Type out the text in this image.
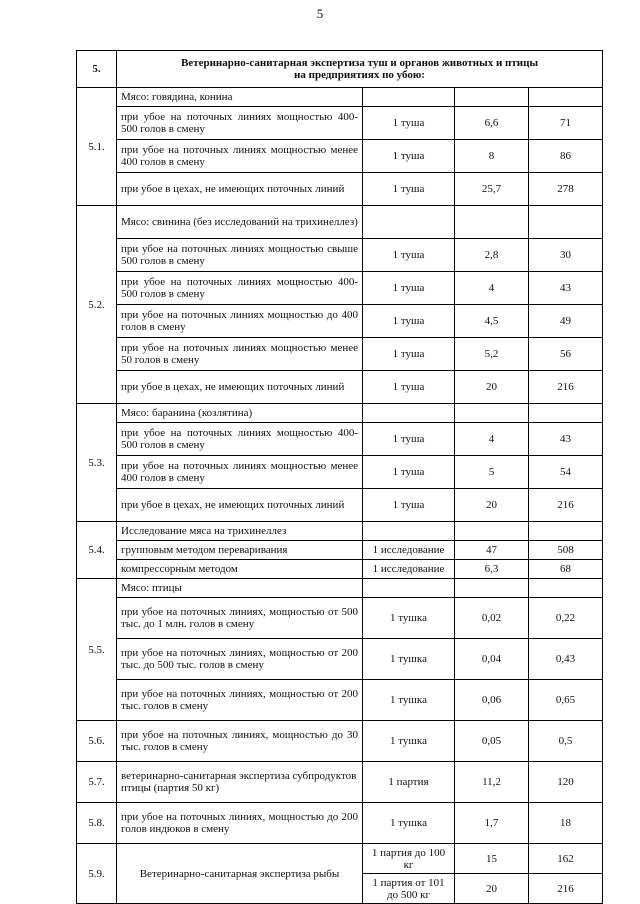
5
5.	Ветеринарно-санитарная экспертиза туш и органов животных и птицы
на предприятиях по убою:			
5.1.	Мясо: говядина, конина			
	при убое на поточных линиях мощностью 400-500 голов в смену	1 туша	6,6	71
	при убое на поточных линиях мощностью менее 400 голов в смену	1 туша	8	86
	при убое в цехах, не имеющих поточных линий	1 туша	25,7	278
5.2.	Мясо: свинина (без исследований на трихинеллез)			
	при убое на поточных линиях мощностью свыше 500 голов в смену	1 туша	2,8	30
	при убое на поточных линиях мощностью 400-500 голов в смену	1 туша	4	43
	при убое на поточных линиях мощностью до 400 голов в смену	1 туша	4,5	49
	при убое на поточных линиях мощностью менее 50 голов в смену	1 туша	5,2	56
	при убое в цехах, не имеющих поточных линий	1 туша	20	216
5.3.	Мясо: баранина (козлятина)			
	при убое на поточных линиях мощностью 400-500 голов в смену	1 туша	4	43
	при убое на поточных линиях мощностью менее 400 голов в смену	1 туша	5	54
	при убое в цехах, не имеющих поточных линий	1 туша	20	216
5.4.	Исследование мяса на трихинеллез			
	групповым методом переваривания	1 исследование	47	508
	компрессорным методом	1 исследование	6,3	68
5.5.	Мясо: птицы			
	при убое на поточных линиях, мощностью от 500 тыс. до 1 млн. голов в смену	1 тушка	0,02	0,22
	при убое на поточных линиях, мощностью от 200 тыс. до 500 тыс. голов в смену	1 тушка	0,04	0,43
	при убое на поточных линиях, мощностью от 200 тыс. голов в смену	1 тушка	0,06	0,65
5.6.	при убое на поточных линиях, мощностью до 30 тыс. голов в смену	1 тушка	0,05	0,5
5.7.	ветеринарно-санитарная экспертиза субпродуктов птицы (партия 50 кг)	1 партия	11,2	120
5.8.	при убое на поточных линиях, мощностью до 200 голов индюков в смену	1 тушка	1,7	18
5.9.	Ветеринарно-санитарная экспертиза рыбы	1 партия до 100 кг	15	162
		1 партия от 101 до 500 кг	20	216
